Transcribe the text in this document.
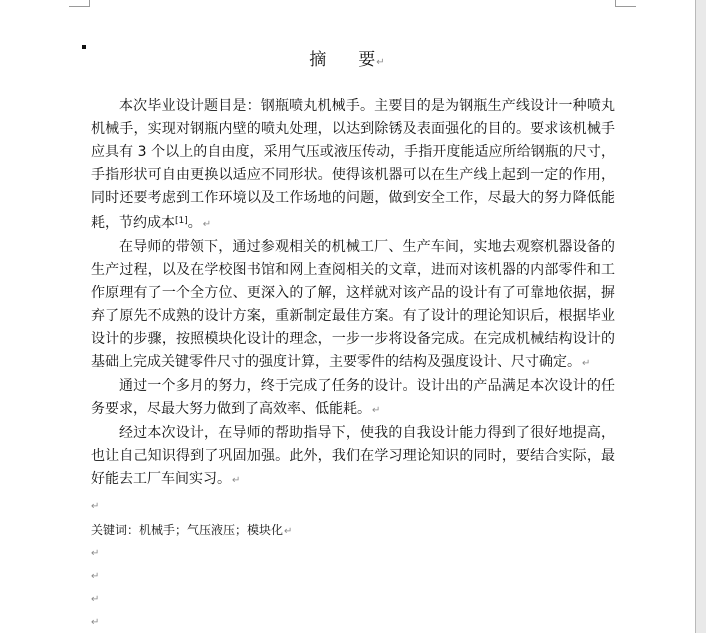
摘 要↵

本次毕业设计题目是：钢瓶喷丸机械手。主要目的是为钢瓶生产线设计一种喷丸机械手，实现对钢瓶内壁的喷丸处理，以达到除锈及表面强化的目的。要求该机械手应具有 3 个以上的自由度，采用气压或液压传动，手指开度能适应所给钢瓶的尺寸，手指形状可自由更换以适应不同形状。使得该机器可以在生产线上起到一定的作用，同时还要考虑到工作环境以及工作场地的问题，做到安全工作，尽最大的努力降低能耗，节约成本[1]。↵

在导师的带领下，通过参观相关的机械工厂、生产车间，实地去观察机器设备的生产过程，以及在学校图书馆和网上查阅相关的文章，进而对该机器的内部零件和工作原理有了一个全方位、更深入的了解，这样就对该产品的设计有了可靠地依据，摒弃了原先不成熟的设计方案，重新制定最佳方案。有了设计的理论知识后，根据毕业设计的步骤，按照模块化设计的理念，一步一步将设备完成。在完成机械结构设计的基础上完成关键零件尺寸的强度计算，主要零件的结构及强度设计、尺寸确定。↵

通过一个多月的努力，终于完成了任务的设计。设计出的产品满足本次设计的任务要求，尽最大努力做到了高效率、低能耗。↵

经过本次设计，在导师的帮助指导下，使我的自我设计能力得到了很好地提高，也让自己知识得到了巩固加强。此外，我们在学习理论知识的同时，要结合实际，最好能去工厂车间实习。↵

↵
关键词：机械手；气压液压；模块化↵
↵
↵
↵
↵
